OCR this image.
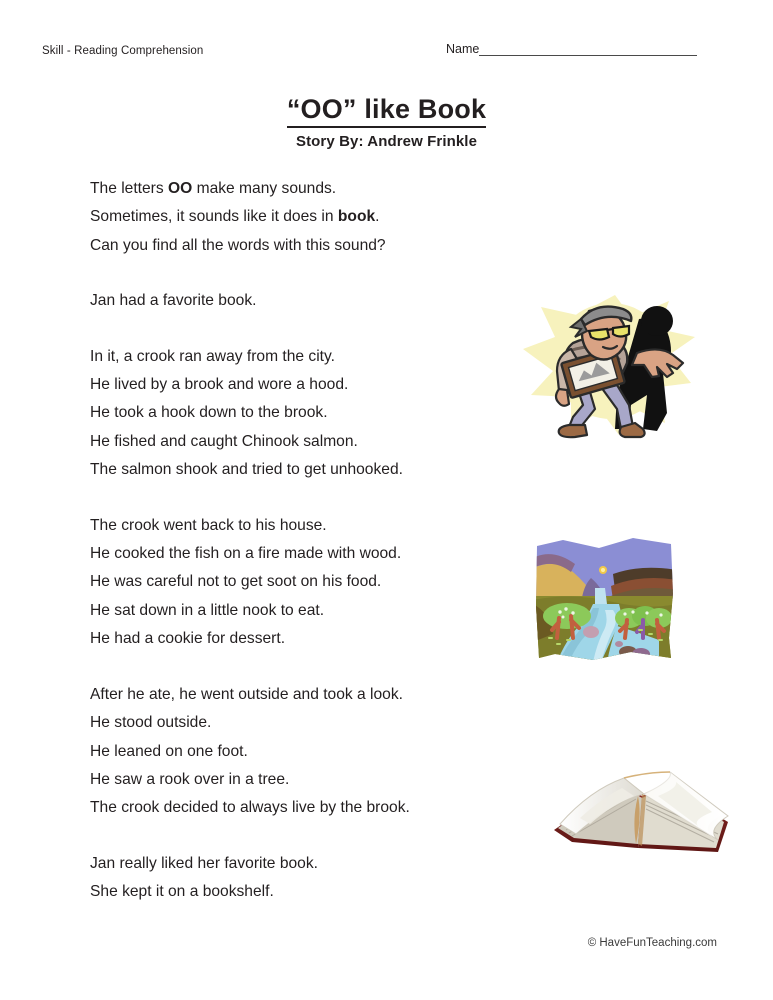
Skill - Reading Comprehension	Name
“OO” like Book
Story By: Andrew Frinkle
The letters OO make many sounds.
Sometimes, it sounds like it does in book.
Can you find all the words with this sound?
Jan had a favorite book.
In it, a crook ran away from the city.
He lived by a brook and wore a hood.
He took a hook down to the brook.
He fished and caught Chinook salmon.
The salmon shook and tried to get unhooked.
The crook went back to his house.
He cooked the fish on a fire made with wood.
He was careful not to get soot on his food.
He sat down in a little nook to eat.
He had a cookie for dessert.
After he ate, he went outside and took a look.
He stood outside.
He leaned on one foot.
He saw a rook over in a tree.
The crook decided to always live by the brook.
Jan really liked her favorite book.
She kept it on a bookshelf.
© HaveFunTeaching.com
